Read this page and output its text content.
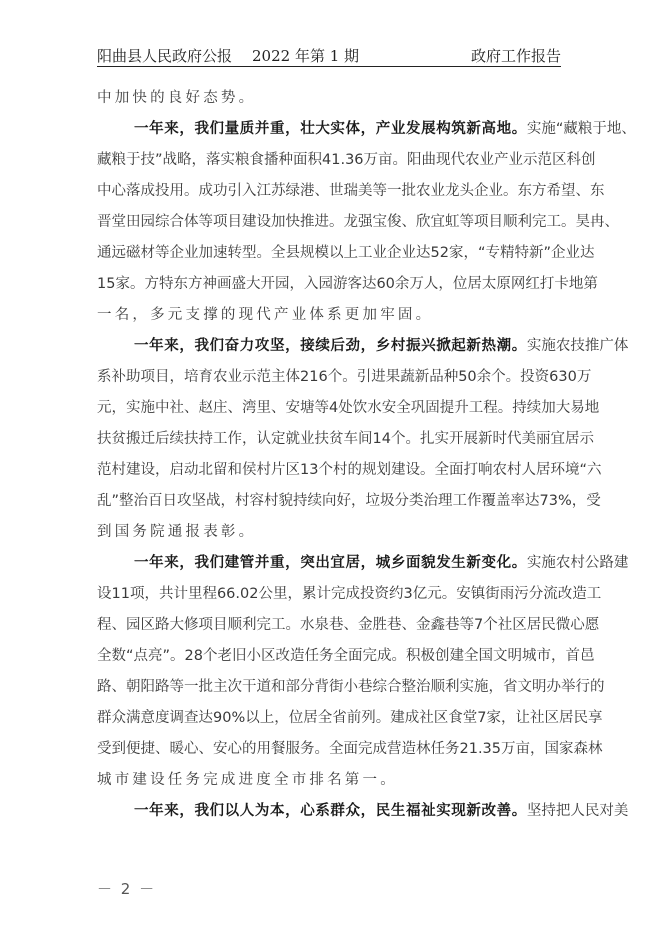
阳曲县人民政府公报 2022 年第 1 期	政府工作报告
中加快的良好态势。
一 年 来 ， 我 们 量 质 并 重 ， 壮 大 实 体 ， 产 业 发 展 构 筑 新 高 地 。 实 施 “ 藏 粮 于 地 、
藏 粮 于 技 ” 战 略 ， 落 实 粮 食 播 种 面 积 41.36 万 亩 。 阳 曲 现 代 农 业 产 业 示 范 区 科 创
中 心 落 成 投 用 。 成 功 引 入 江 苏 绿 港 、 世 瑞 美 等 一 批 农 业 龙 头 企 业 。 东 方 希 望 、 东
晋 堂 田 园 综 合 体 等 项 目 建 设 加 快 推 进 。 龙 强 宝 俊 、 欣 宜 虹 等 项 目 顺 利 完 工 。 昊 冉 、
通 远 磁 材 等 企 业 加 速 转 型 。 全 县 规 模 以 上 工 业 企 业 达 52 家 ， “ 专 精 特 新 ” 企 业 达
15 家 。 方 特 东 方 神 画 盛 大 开 园 ， 入 园 游 客 达 60 余 万 人 ， 位 居 太 原 网 红 打 卡 地 第
一名，多元支撑的现代产业体系更加牢固。
一 年 来 ， 我 们 奋 力 攻 坚 ， 接 续 后 劲 ， 乡 村 振 兴 掀 起 新 热 潮 。 实 施 农 技 推 广 体
系 补 助 项 目 ， 培 育 农 业 示 范 主 体 216 个 。 引 进 果 蔬 新 品 种 50 余 个 。 投 资 630 万
元 ， 实 施 中 社 、 赵 庄 、 湾 里 、 安 塘 等 4 处 饮 水 安 全 巩 固 提 升 工 程 。 持 续 加 大 易 地
扶 贫 搬 迁 后 续 扶 持 工 作 ， 认 定 就 业 扶 贫 车 间 14 个 。 扎 实 开 展 新 时 代 美 丽 宜 居 示
范 村 建 设 ， 启 动 北 留 和 侯 村 片 区 13 个 村 的 规 划 建 设 。 全 面 打 响 农 村 人 居 环 境 “ 六
乱 ” 整 治 百 日 攻 坚 战 ， 村 容 村 貌 持 续 向 好 ， 垃 圾 分 类 治 理 工 作 覆 盖 率 达 73% ， 受
到国务院通报表彰。
一 年 来 ， 我 们 建 管 并 重 ， 突 出 宜 居 ， 城 乡 面 貌 发 生 新 变 化 。 实 施 农 村 公 路 建
设 11 项 ， 共 计 里 程 66.02 公 里 ， 累 计 完 成 投 资 约 3 亿 元 。 安 镇 街 雨 污 分 流 改 造 工
程 、 园 区 路 大 修 项 目 顺 利 完 工 。 水 泉 巷 、 金 胜 巷 、 金 鑫 巷 等 7 个 社 区 居 民 微 心 愿
全 数 “ 点 亮 ” 。 28 个 老 旧 小 区 改 造 任 务 全 面 完 成 。 积 极 创 建 全 国 文 明 城 市 ， 首 邑
路 、 朝 阳 路 等 一 批 主 次 干 道 和 部 分 背 街 小 巷 综 合 整 治 顺 利 实 施 ， 省 文 明 办 举 行 的
群 众 满 意 度 调 查 达 90% 以 上 ， 位 居 全 省 前 列 。 建 成 社 区 食 堂 7 家 ， 让 社 区 居 民 享
受 到 便 捷 、 暖 心 、 安 心 的 用 餐 服 务 。 全 面 完 成 营 造 林 任 务 21.35 万 亩 ， 国 家 森 林
城市建设任务完成进度全市排名第一。
一 年 来 ， 我 们 以 人 为 本 ， 心 系 群 众 ， 民 生 福 祉 实 现 新 改 善 。 坚 持 把 人 民 对 美
－ 2 －
